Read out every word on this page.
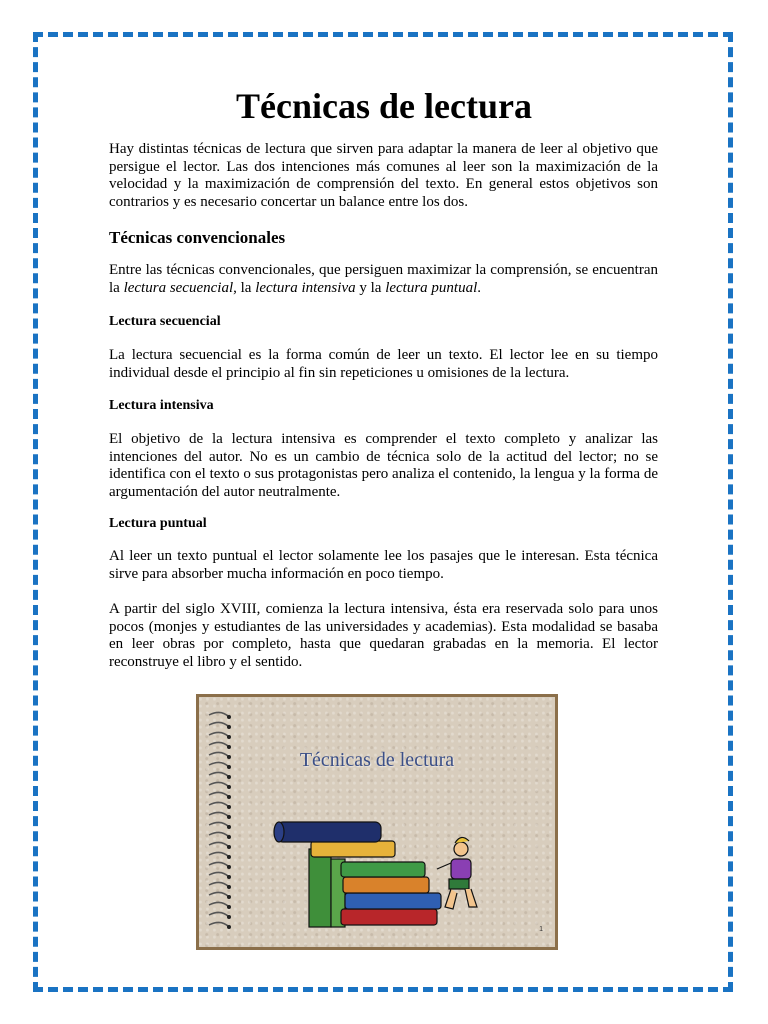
Técnicas de lectura

Hay distintas técnicas de lectura que sirven para adaptar la manera de leer al objetivo que persigue el lector. Las dos intenciones más comunes al leer son la maximización de la velocidad y la maximización de comprensión del texto. En general estos objetivos son contrarios y es necesario concertar un balance entre los dos.

Técnicas convencionales

Entre las técnicas convencionales, que persiguen maximizar la comprensión, se encuentran la lectura secuencial, la lectura intensiva y la lectura puntual.

Lectura secuencial

La lectura secuencial es la forma común de leer un texto. El lector lee en su tiempo individual desde el principio al fin sin repeticiones u omisiones de la lectura.

Lectura intensiva

El objetivo de la lectura intensiva es comprender el texto completo y analizar las intenciones del autor. No es un cambio de técnica solo de la actitud del lector; no se identifica con el texto o sus protagonistas pero analiza el contenido, la lengua y la forma de argumentación del autor neutralmente.

Lectura puntual

Al leer un texto puntual el lector solamente lee los pasajes que le interesan. Esta técnica sirve para absorber mucha información en poco tiempo.

A partir del siglo XVIII, comienza la lectura intensiva, ésta era reservada solo para unos pocos (monjes y estudiantes de las universidades y academias). Esta modalidad se basaba en leer obras por completo, hasta que quedaran grabadas en la memoria. El lector reconstruye el libro y el sentido.

Técnicas de lectura
1
